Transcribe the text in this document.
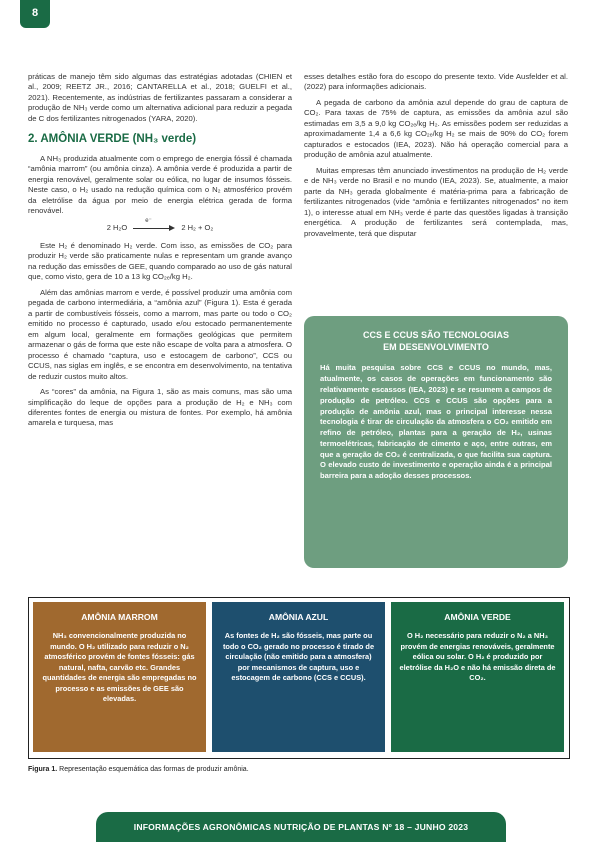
8

práticas de manejo têm sido algumas das estratégias adotadas (CHIEN et al., 2009; REETZ JR., 2016; CANTARELLA et al., 2018; GUELFI et al., 2021). Recentemente, as indústrias de fertilizantes passaram a considerar a produção de NH₃ verde como um alternativa adicional para reduzir a pegada de C dos fertilizantes nitrogenados (YARA, 2020).

2. AMÔNIA VERDE (NH₃ verde)

A NH₃ produzida atualmente com o emprego de energia fóssil é chamada “amônia marrom” (ou amônia cinza). A amônia verde é produzida a partir de energia renovável, geralmente solar ou eólica, no lugar de insumos fósseis. Neste caso, o H₂ usado na redução química com o N₂ atmosférico provém da eletrólise da água por meio de energia elétrica gerada de forma renovável.

2 H₂O
e⁻
2 H₂ + O₂

Este H₂ é denominado H₂ verde. Com isso, as emissões de CO₂ para produzir H₂ verde são praticamente nulas e representam um grande avanço na redução das emissões de GEE, quando comparado ao uso de gás natural que, como visto, gera de 10 a 13 kg CO₂ₑ/kg H₂.

Além das amônias marrom e verde, é possível produzir uma amônia com pegada de carbono intermediária, a “amônia azul” (Figura 1). Esta é gerada a partir de combustíveis fósseis, como a marrom, mas parte ou todo o CO₂ emitido no processo é capturado, usado e/ou estocado permanentemente em algum local, geralmente em formações geológicas que permitem armazenar o gás de forma que este não escape de volta para a atmosfera. O processo é chamado “captura, uso e estocagem de carbono”, CCS ou CCUS, nas siglas em inglês, e se encontra em desenvolvimento, na tentativa de reduzir custos muito altos.

As “cores” da amônia, na Figura 1, são as mais comuns, mas são uma simplificação do leque de opções para a produção de H₂ e NH₃ com diferentes fontes de energia ou mistura de fontes. Por exemplo, há amônia amarela e turquesa, mas

esses detalhes estão fora do escopo do presente texto. Vide Ausfelder et al. (2022) para informações adicionais.

A pegada de carbono da amônia azul depende do grau de captura de CO₂. Para taxas de 75% de captura, as emissões da amônia azul são estimadas em 3,5 a 9,0 kg CO₂ₑ/kg H₂. As emissões podem ser reduzidas a aproximadamente 1,4 a 6,6 kg CO₂ₑ/kg H₂ se mais de 90% do CO₂ forem capturados e estocados (IEA, 2023). Não há operação comercial para a produção de amônia azul atualmente.

Muitas empresas têm anunciado investimentos na produção de H₂ verde e de NH₃ verde no Brasil e no mundo (IEA, 2023). Se, atualmente, a maior parte da NH₃ gerada globalmente é matéria-prima para a fabricação de fertilizantes nitrogenados (vide “amônia e fertilizantes nitrogenados” no item 1), o interesse atual em NH₃ verde é parte das questões ligadas à transição energética. A produção de fertilizantes será contemplada, mas, provavelmente, terá que disputar

CCS E CCUS SÃO TECNOLOGIAS
EM DESENVOLVIMENTO
Há muita pesquisa sobre CCS e CCUS no mundo, mas, atualmente, os casos de operações em funcionamento são relativamente escassos (IEA, 2023) e se resumem a campos de produção de petróleo. CCS e CCUS são opções para a produção de amônia azul, mas o principal interesse nessa tecnologia é tirar de circulação da atmosfera o CO₂ emitido em refino de petróleo, plantas para a geração de H₂, usinas termoelétricas, fabricação de cimento e aço, entre outras, em que a geração de CO₂ é centralizada, o que facilita sua captura. O elevado custo de investimento e operação ainda é a principal barreira para a adoção desses processos.
AMÔNIA MARROM
NH₃ convencionalmente produzida no mundo. O H₂ utilizado para reduzir o N₂ atmosférico provém de fontes fósseis: gás natural, nafta, carvão etc. Grandes quantidades de energia são empregadas no processo e as emissões de GEE são elevadas.
AMÔNIA AZUL
As fontes de H₂ são fósseis, mas parte ou todo o CO₂ gerado no processo é tirado de circulação (não emitido para a atmosfera) por mecanismos de captura, uso e estocagem de carbono (CCS e CCUS).
AMÔNIA VERDE
O H₂ necessário para reduzir o N₂ a NH₃ provém de energias renováveis, geralmente eólica ou solar. O H₂ é produzido por eletrólise da H₂O e não há emissão direta de CO₂.
Figura 1. Representação esquemática das formas de produzir amônia.
INFORMAÇÕES AGRONÔMICAS NUTRIÇÃO DE PLANTAS Nº 18 – JUNHO 2023
